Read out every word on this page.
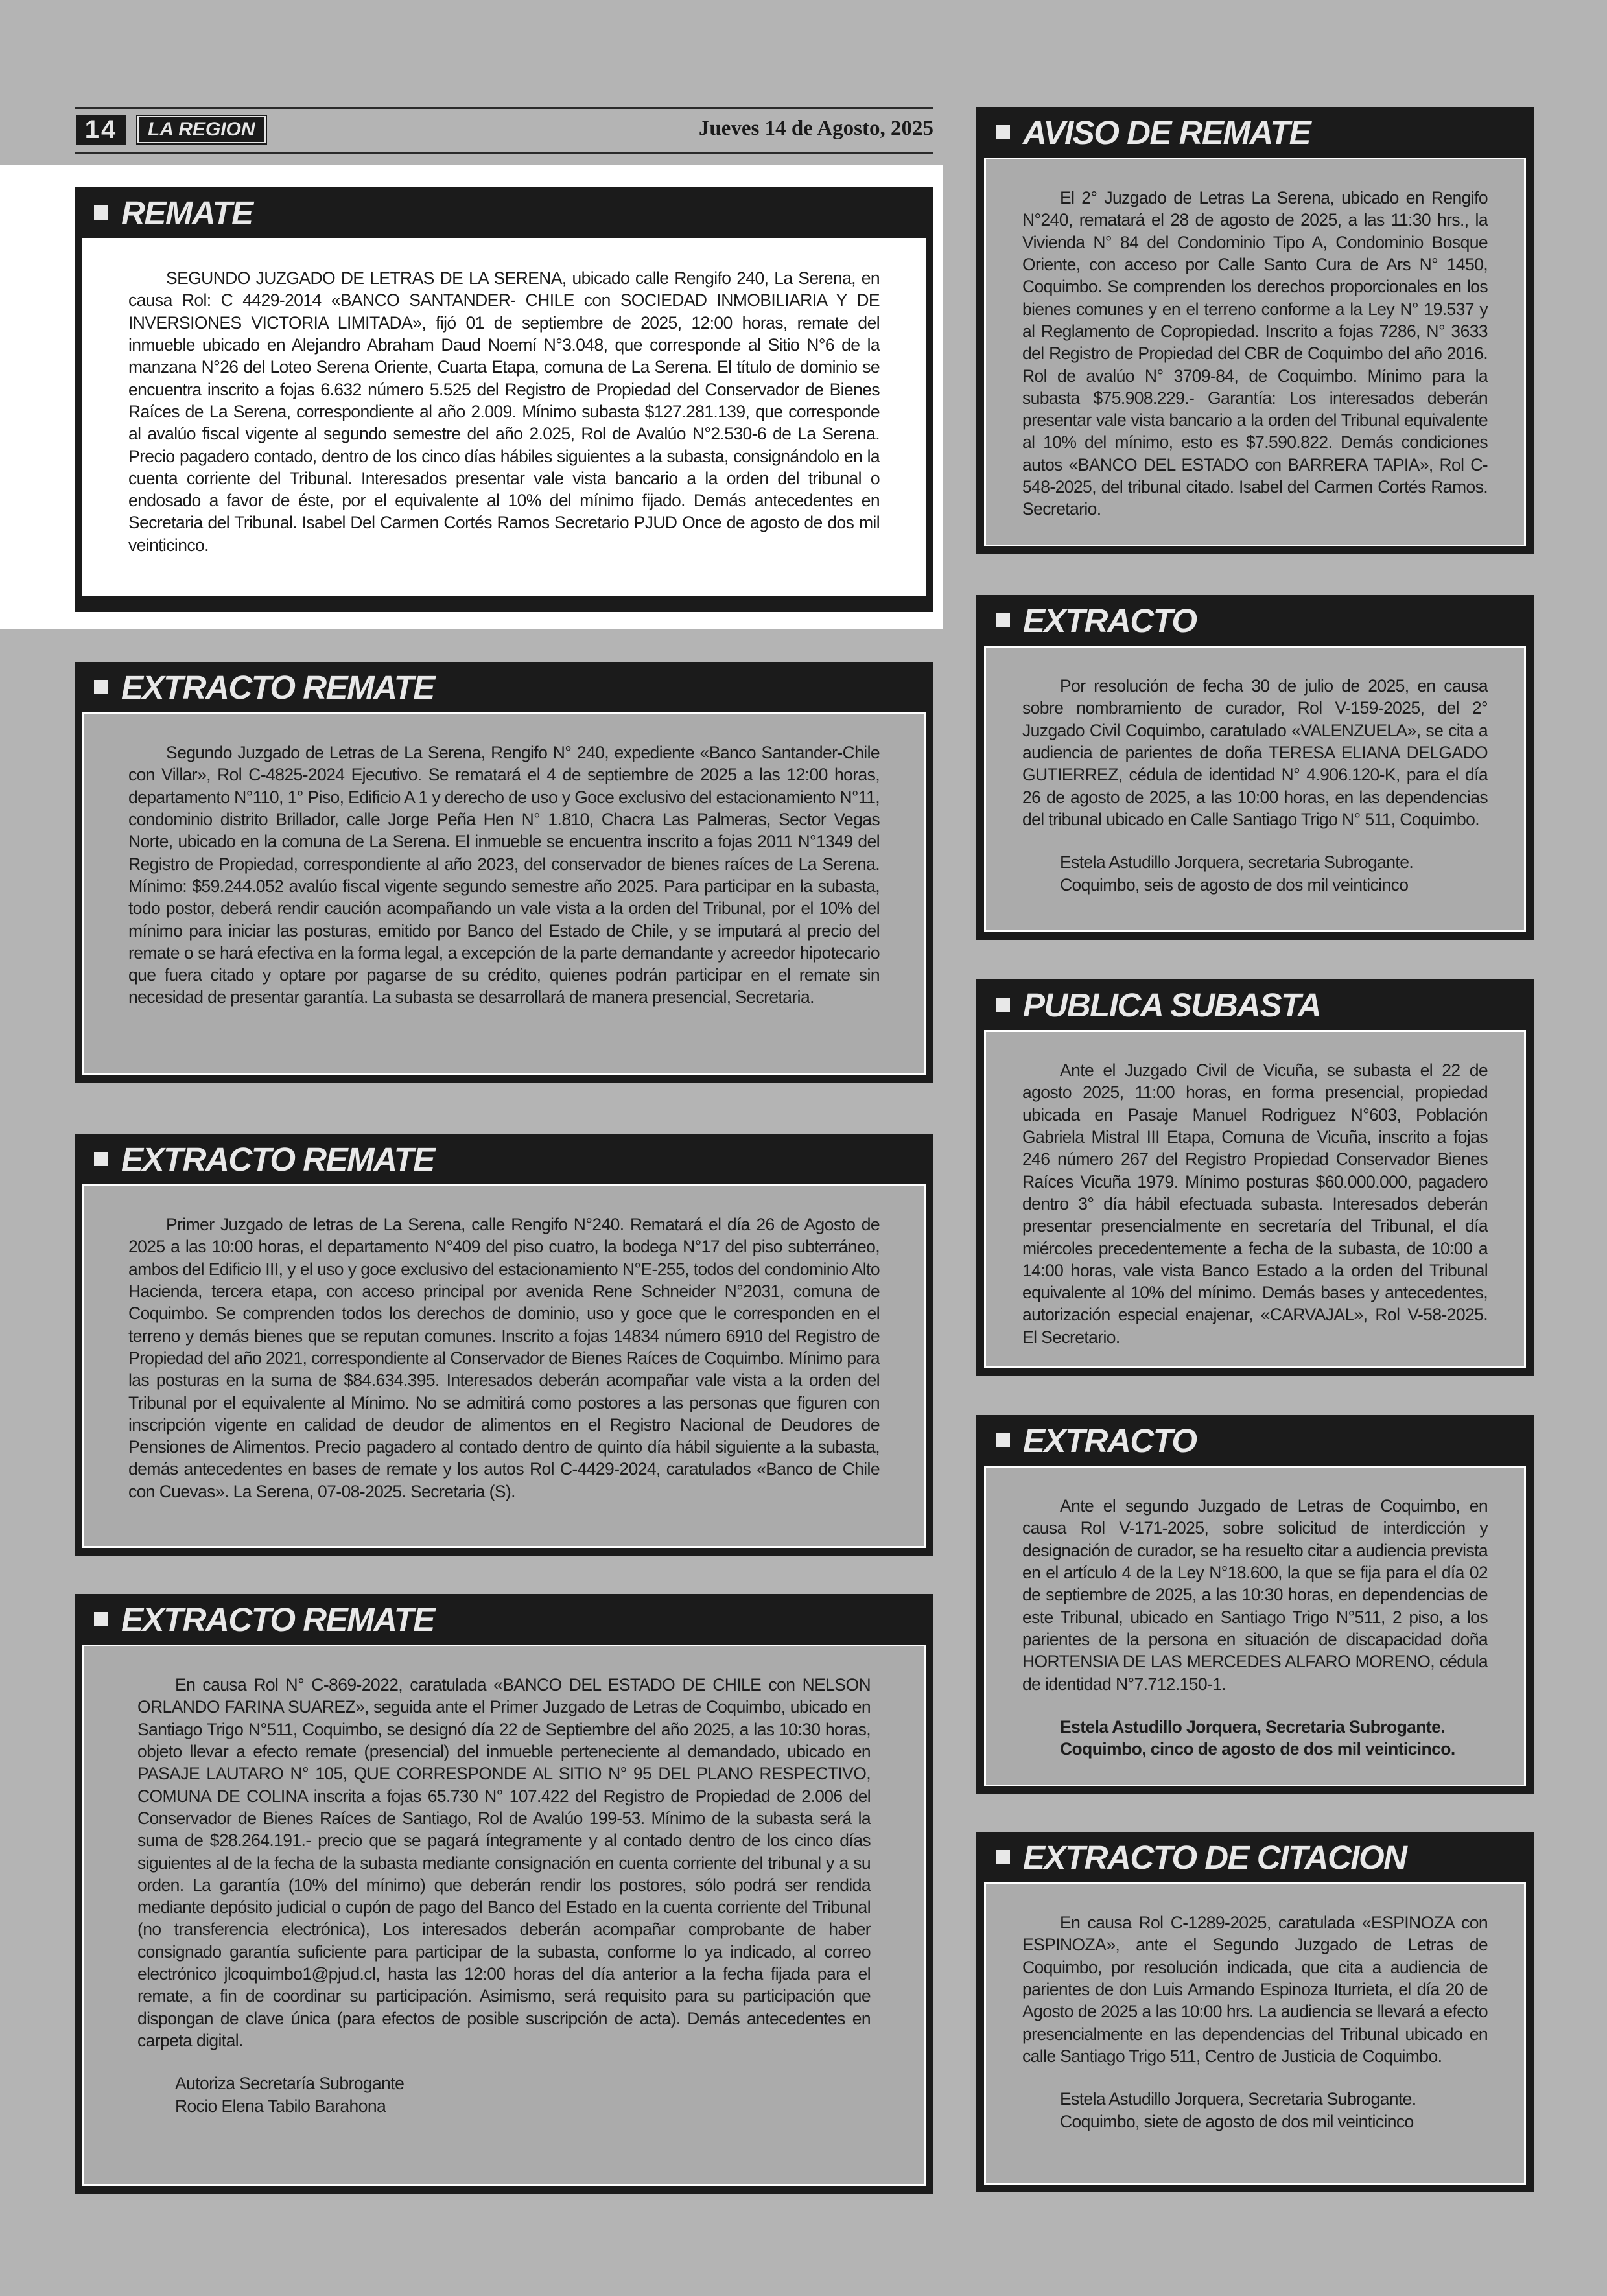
14	LA REGION	Jueves 14 de Agosto, 2025
REMATE

SEGUNDO JUZGADO DE LETRAS DE LA SERENA, ubicado calle Rengifo 240, La Serena, en causa Rol: C 4429-2014 «BANCO SANTANDER- CHILE con SOCIEDAD INMOBILIARIA Y DE INVERSIONES VICTORIA LIMITADA», fijó 01 de septiembre de 2025, 12:00 horas, remate del inmueble ubicado en Alejandro Abraham Daud Noemí N°3.048, que corresponde al Sitio N°6 de la manzana N°26 del Loteo Serena Oriente, Cuarta Etapa, comuna de La Serena. El título de dominio se encuentra inscrito a fojas 6.632 número 5.525 del Registro de Propiedad del Conservador de Bienes Raíces de La Serena, correspondiente al año 2.009. Mínimo subasta $127.281.139, que corresponde al avalúo fiscal vigente al segundo semestre del año 2.025, Rol de Avalúo N°2.530-6 de La Serena. Precio pagadero contado, dentro de los cinco días hábiles siguientes a la subasta, consignándolo en la cuenta corriente del Tribunal. Interesados presentar vale vista bancario a la orden del tribunal o endosado a favor de éste, por el equivalente al 10% del mínimo fijado. Demás antecedentes en Secretaria del Tribunal. Isabel Del Carmen Cortés Ramos Secretario PJUD Once de agosto de dos mil veinticinco.

EXTRACTO REMATE

Segundo Juzgado de Letras de La Serena, Rengifo N° 240, expediente «Banco Santander-Chile con Villar», Rol C-4825-2024 Ejecutivo. Se rematará el 4 de septiembre de 2025 a las 12:00 horas, departamento N°110, 1° Piso, Edificio A 1 y derecho de uso y Goce exclusivo del estacionamiento N°11, condominio distrito Brillador, calle Jorge Peña Hen N° 1.810, Chacra Las Palmeras, Sector Vegas Norte, ubicado en la comuna de La Serena. El inmueble se encuentra inscrito a fojas 2011 N°1349 del Registro de Propiedad, correspondiente al año 2023, del conservador de bienes raíces de La Serena. Mínimo: $59.244.052 avalúo fiscal vigente segundo semestre año 2025. Para participar en la subasta, todo postor, deberá rendir caución acompañando un vale vista a la orden del Tribunal, por el 10% del mínimo para iniciar las posturas, emitido por Banco del Estado de Chile, y se imputará al precio del remate o se hará efectiva en la forma legal, a excepción de la parte demandante y acreedor hipotecario que fuera citado y optare por pagarse de su crédito, quienes podrán participar en el remate sin necesidad de presentar garantía. La subasta se desarrollará de manera presencial, Secretaria.

EXTRACTO REMATE

Primer Juzgado de letras de La Serena, calle Rengifo N°240. Rematará el día 26 de Agosto de 2025 a las 10:00 horas, el departamento N°409 del piso cuatro, la bodega N°17 del piso subterráneo, ambos del Edificio III, y el uso y goce exclusivo del estacionamiento N°E-255, todos del condominio Alto Hacienda, tercera etapa, con acceso principal por avenida Rene Schneider N°2031, comuna de Coquimbo. Se comprenden todos los derechos de dominio, uso y goce que le corresponden en el terreno y demás bienes que se reputan comunes. Inscrito a fojas 14834 número 6910 del Registro de Propiedad del año 2021, correspondiente al Conservador de Bienes Raíces de Coquimbo. Mínimo para las posturas en la suma de $84.634.395. Interesados deberán acompañar vale vista a la orden del Tribunal por el equivalente al Mínimo. No se admitirá como postores a las personas que figuren con inscripción vigente en calidad de deudor de alimentos en el Registro Nacional de Deudores de Pensiones de Alimentos. Precio pagadero al contado dentro de quinto día hábil siguiente a la subasta, demás antecedentes en bases de remate y los autos Rol C-4429-2024, caratulados «Banco de Chile con Cuevas». La Serena, 07-08-2025. Secretaria (S).

EXTRACTO REMATE

En causa Rol N° C-869-2022, caratulada «BANCO DEL ESTADO DE CHILE con NELSON ORLANDO FARINA SUAREZ», seguida ante el Primer Juzgado de Letras de Coquimbo, ubicado en Santiago Trigo N°511, Coquimbo, se designó día 22 de Septiembre del año 2025, a las 10:30 horas, objeto llevar a efecto remate (presencial) del inmueble perteneciente al demandado, ubicado en PASAJE LAUTARO N° 105, QUE CORRESPONDE AL SITIO N° 95 DEL PLANO RESPECTIVO, COMUNA DE COLINA inscrita a fojas 65.730 N° 107.422 del Registro de Propiedad de 2.006 del Conservador de Bienes Raíces de Santiago, Rol de Avalúo 199-53. Mínimo de la subasta será la suma de $28.264.191.- precio que se pagará íntegramente y al contado dentro de los cinco días siguientes al de la fecha de la subasta mediante consignación en cuenta corriente del tribunal y a su orden. La garantía (10% del mínimo) que deberán rendir los postores, sólo podrá ser rendida mediante depósito judicial o cupón de pago del Banco del Estado en la cuenta corriente del Tribunal (no transferencia electrónica), Los interesados deberán acompañar comprobante de haber consignado garantía suficiente para participar de la subasta, conforme lo ya indicado, al correo electrónico jlcoquimbo1@pjud.cl, hasta las 12:00 horas del día anterior a la fecha fijada para el remate, a fin de coordinar su participación. Asimismo, será requisito para su participación que dispongan de clave única (para efectos de posible suscripción de acta). Demás antecedentes en carpeta digital.

Autoriza Secretaría Subrogante

Rocio Elena Tabilo Barahona

AVISO DE REMATE

El 2° Juzgado de Letras La Serena, ubicado en Rengifo N°240, rematará el 28 de agosto de 2025, a las 11:30 hrs., la Vivienda N° 84 del Condominio Tipo A, Condominio Bosque Oriente, con acceso por Calle Santo Cura de Ars N° 1450, Coquimbo. Se comprenden los derechos proporcionales en los bienes comunes y en el terreno conforme a la Ley N° 19.537 y al Reglamento de Copropiedad. Inscrito a fojas 7286, N° 3633 del Registro de Propiedad del CBR de Coquimbo del año 2016. Rol de avalúo N° 3709-84, de Coquimbo. Mínimo para la subasta $75.908.229.- Garantía: Los interesados deberán presentar vale vista bancario a la orden del Tribunal equivalente al 10% del mínimo, esto es $7.590.822. Demás condiciones autos «BANCO DEL ESTADO con BARRERA TAPIA», Rol C-548-2025, del tribunal citado. Isabel del Carmen Cortés Ramos. Secretario.

EXTRACTO

Por resolución de fecha 30 de julio de 2025, en causa sobre nombramiento de curador, Rol V-159-2025, del 2° Juzgado Civil Coquimbo, caratulado «VALENZUELA», se cita a audiencia de parientes de doña TERESA ELIANA DELGADO GUTIERREZ, cédula de identidad N° 4.906.120-K, para el día 26 de agosto de 2025, a las 10:00 horas, en las dependencias del tribunal ubicado en Calle Santiago Trigo N° 511, Coquimbo.

Estela Astudillo Jorquera, secretaria Subrogante.

Coquimbo, seis de agosto de dos mil veinticinco

PUBLICA SUBASTA

Ante el Juzgado Civil de Vicuña, se subasta el 22 de agosto 2025, 11:00 horas, en forma presencial, propiedad ubicada en Pasaje Manuel Rodriguez N°603, Población Gabriela Mistral III Etapa, Comuna de Vicuña, inscrito a fojas 246 número 267 del Registro Propiedad Conservador Bienes Raíces Vicuña 1979. Mínimo posturas $60.000.000, pagadero dentro 3° día hábil efectuada subasta. Interesados deberán presentar presencialmente en secretaría del Tribunal, el día miércoles precedentemente a fecha de la subasta, de 10:00 a 14:00 horas, vale vista Banco Estado a la orden del Tribunal equivalente al 10% del mínimo. Demás bases y antecedentes, autorización especial enajenar, «CARVAJAL», Rol V-58-2025. El Secretario.

EXTRACTO

Ante el segundo Juzgado de Letras de Coquimbo, en causa Rol V-171-2025, sobre solicitud de interdicción y designación de curador, se ha resuelto citar a audiencia prevista en el artículo 4 de la Ley N°18.600, la que se fija para el día 02 de septiembre de 2025, a las 10:30 horas, en dependencias de este Tribunal, ubicado en Santiago Trigo N°511, 2 piso, a los parientes de la persona en situación de discapacidad doña HORTENSIA DE LAS MERCEDES ALFARO MORENO, cédula de identidad N°7.712.150-1.

Estela Astudillo Jorquera, Secretaria Subrogante.

Coquimbo, cinco de agosto de dos mil veinticinco.

EXTRACTO DE CITACION

En causa Rol C-1289-2025, caratulada «ESPINOZA con ESPINOZA», ante el Segundo Juzgado de Letras de Coquimbo, por resolución indicada, que cita a audiencia de parientes de don Luis Armando Espinoza Iturrieta, el día 20 de Agosto de 2025 a las 10:00 hrs. La audiencia se llevará a efecto presencialmente en las dependencias del Tribunal ubicado en calle Santiago Trigo 511, Centro de Justicia de Coquimbo.

Estela Astudillo Jorquera, Secretaria Subrogante.

Coquimbo, siete de agosto de dos mil veinticinco
